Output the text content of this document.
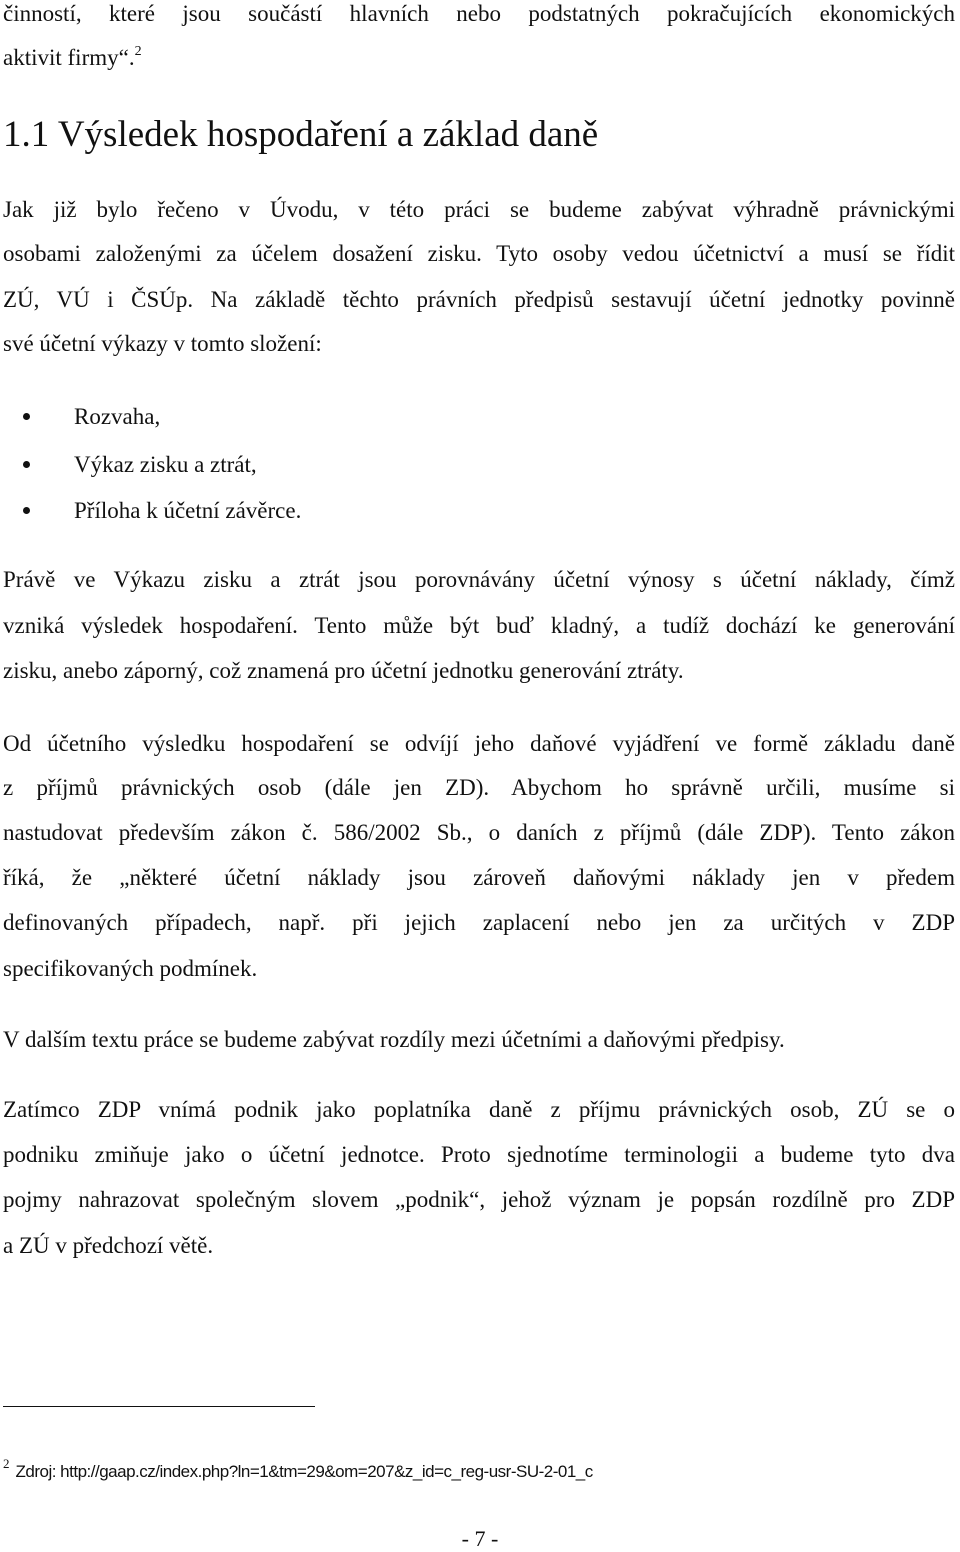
činností, které jsou součástí hlavních nebo podstatných pokračujících ekonomických
aktivit firmy“.$^2$
1.1 Výsledek hospodaření a základ daně
Jak již bylo řečeno v Úvodu, v této práci se budeme zabývat výhradně právnickými
osobami založenými za účelem dosažení zisku. Tyto osoby vedou účetnictví a musí se řídit
ZÚ, VÚ i ČSÚp. Na základě těchto právních předpisů sestavují účetní jednotky povinně
své účetní výkazy v tomto složení:
Rozvaha,
Výkaz zisku a ztrát,
Příloha k účetní závěrce.
Právě ve Výkazu zisku a ztrát jsou porovnávány účetní výnosy s účetní náklady, čímž
vzniká výsledek hospodaření. Tento může být buď kladný, a tudíž dochází ke generování
zisku, anebo záporný, což znamená pro účetní jednotku generování ztráty.
Od účetního výsledku hospodaření se odvíjí jeho daňové vyjádření ve formě základu daně
z příjmů právnických osob (dále jen ZD). Abychom ho správně určili, musíme si
nastudovat především zákon č. 586/2002 Sb., o daních z příjmů (dále ZDP). Tento zákon
říká, že „některé účetní náklady jsou zároveň daňovými náklady jen v předem
definovaných případech, např. při jejich zaplacení nebo jen za určitých v ZDP
specifikovaných podmínek.
V dalším textu práce se budeme zabývat rozdíly mezi účetními a daňovými předpisy.
Zatímco ZDP vnímá podnik jako poplatníka daně z příjmu právnických osob, ZÚ se o
podniku zmiňuje jako o účetní jednotce. Proto sjednotíme terminologii a budeme tyto dva
pojmy nahrazovat společným slovem „podnik“, jehož význam je popsán rozdílně pro ZDP
a ZÚ v předchozí větě.
$^2$ Zdroj: http://gaap.cz/index.php?ln=1&tm=29&om=207&z_id=c_reg-usr-SU-2-01_c
- 7 -
